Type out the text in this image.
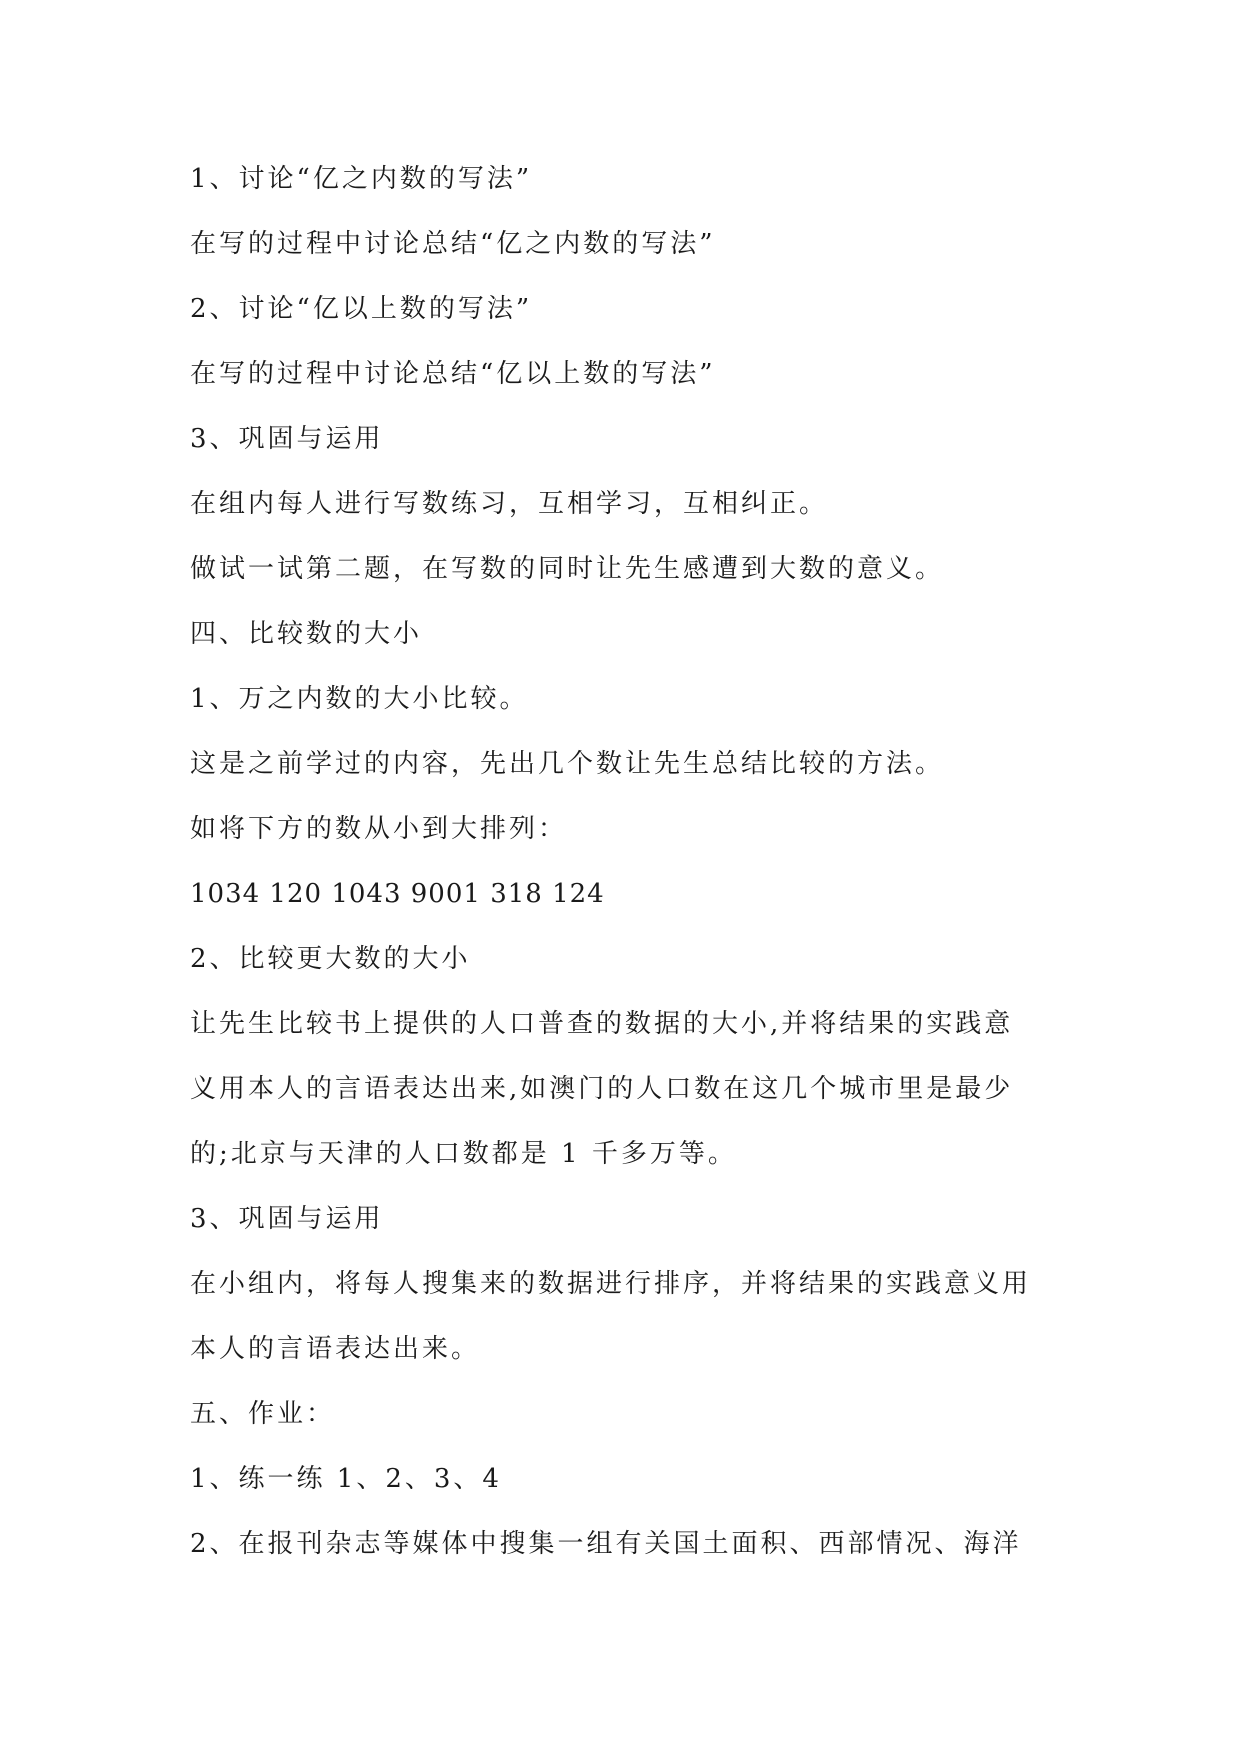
1、讨论“亿之内数的写法”
在写的过程中讨论总结“亿之内数的写法”
2、讨论“亿以上数的写法”
在写的过程中讨论总结“亿以上数的写法”
3、巩固与运用
在组内每人进行写数练习，互相学习，互相纠正。
做试一试第二题，在写数的同时让先生感遭到大数的意义。
四、比较数的大小
1、万之内数的大小比较。
这是之前学过的内容，先出几个数让先生总结比较的方法。
如将下方的数从小到大排列：
1034 120 1043 9001 318 124
2、比较更大数的大小
让先生比较书上提供的人口普查的数据的大小,并将结果的实践意
义用本人的言语表达出来,如澳门的人口数在这几个城市里是最少
的;北京与天津的人口数都是 1 千多万等。
3、巩固与运用
在小组内，将每人搜集来的数据进行排序，并将结果的实践意义用
本人的言语表达出来。
五、作业：
1、练一练 1、2、3、4
2、在报刊杂志等媒体中搜集一组有关国土面积、西部情况、海洋
